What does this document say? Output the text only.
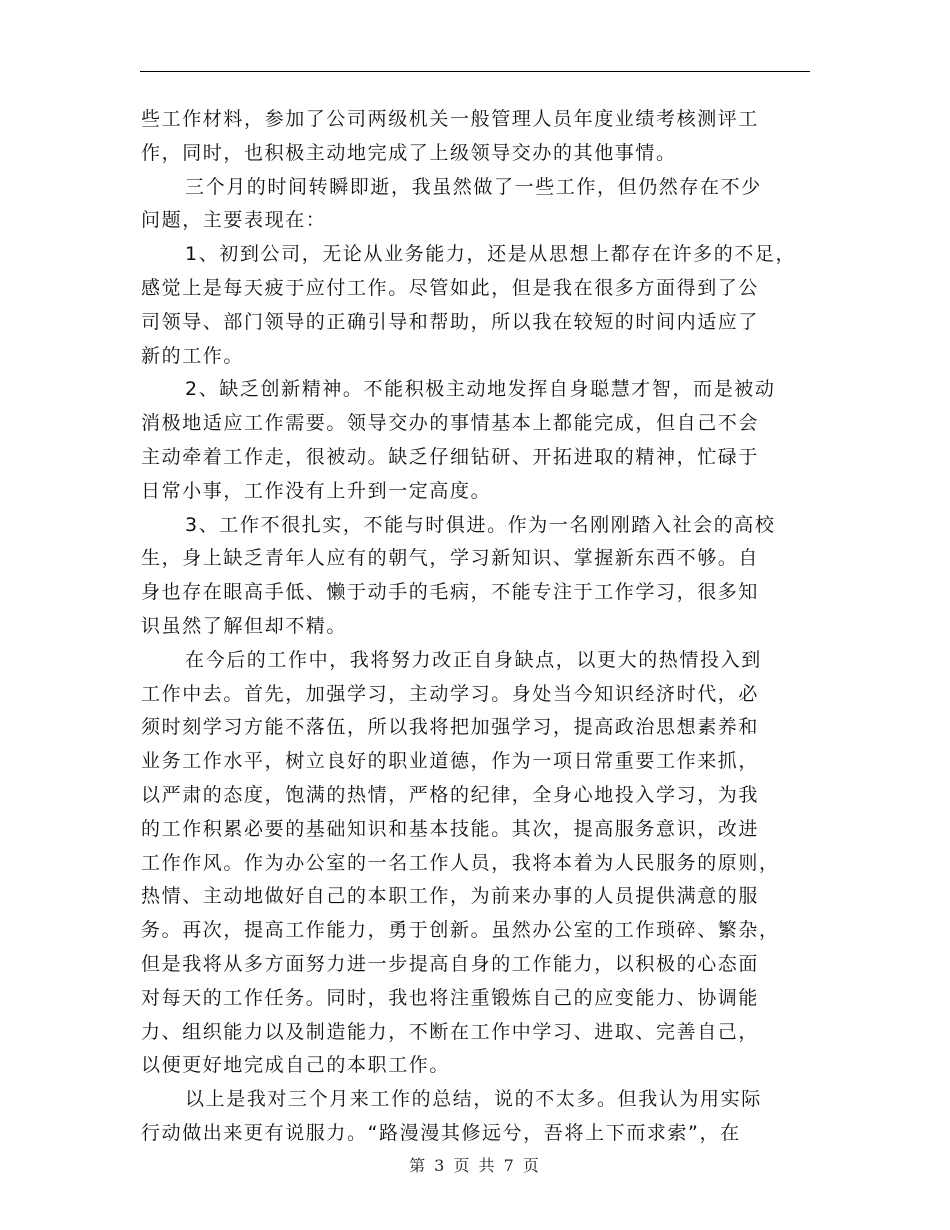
些工作材料，参加了公司两级机关一般管理人员年度业绩考核测评工
作，同时，也积极主动地完成了上级领导交办的其他事情。
三个月的时间转瞬即逝，我虽然做了一些工作，但仍然存在不少
问题，主要表现在：
1、初到公司，无论从业务能力，还是从思想上都存在许多的不足，
感觉上是每天疲于应付工作。尽管如此，但是我在很多方面得到了公
司领导、部门领导的正确引导和帮助，所以我在较短的时间内适应了
新的工作。
2、缺乏创新精神。不能积极主动地发挥自身聪慧才智，而是被动
消极地适应工作需要。领导交办的事情基本上都能完成，但自己不会
主动牵着工作走，很被动。缺乏仔细钻研、开拓进取的精神，忙碌于
日常小事，工作没有上升到一定高度。
3、工作不很扎实，不能与时俱进。作为一名刚刚踏入社会的高校
生，身上缺乏青年人应有的朝气，学习新知识、掌握新东西不够。自
身也存在眼高手低、懒于动手的毛病，不能专注于工作学习，很多知
识虽然了解但却不精。
在今后的工作中，我将努力改正自身缺点，以更大的热情投入到
工作中去。首先，加强学习，主动学习。身处当今知识经济时代，必
须时刻学习方能不落伍，所以我将把加强学习，提高政治思想素养和
业务工作水平，树立良好的职业道德，作为一项日常重要工作来抓，
以严肃的态度，饱满的热情，严格的纪律，全身心地投入学习，为我
的工作积累必要的基础知识和基本技能。其次，提高服务意识，改进
工作作风。作为办公室的一名工作人员，我将本着为人民服务的原则，
热情、主动地做好自己的本职工作，为前来办事的人员提供满意的服
务。再次，提高工作能力，勇于创新。虽然办公室的工作琐碎、繁杂，
但是我将从多方面努力进一步提高自身的工作能力，以积极的心态面
对每天的工作任务。同时，我也将注重锻炼自己的应变能力、协调能
力、组织能力以及制造能力，不断在工作中学习、进取、完善自己，
以便更好地完成自己的本职工作。
以上是我对三个月来工作的总结，说的不太多。但我认为用实际
行动做出来更有说服力。“路漫漫其修远兮，吾将上下而求索”，在
第 3 页 共 7 页
